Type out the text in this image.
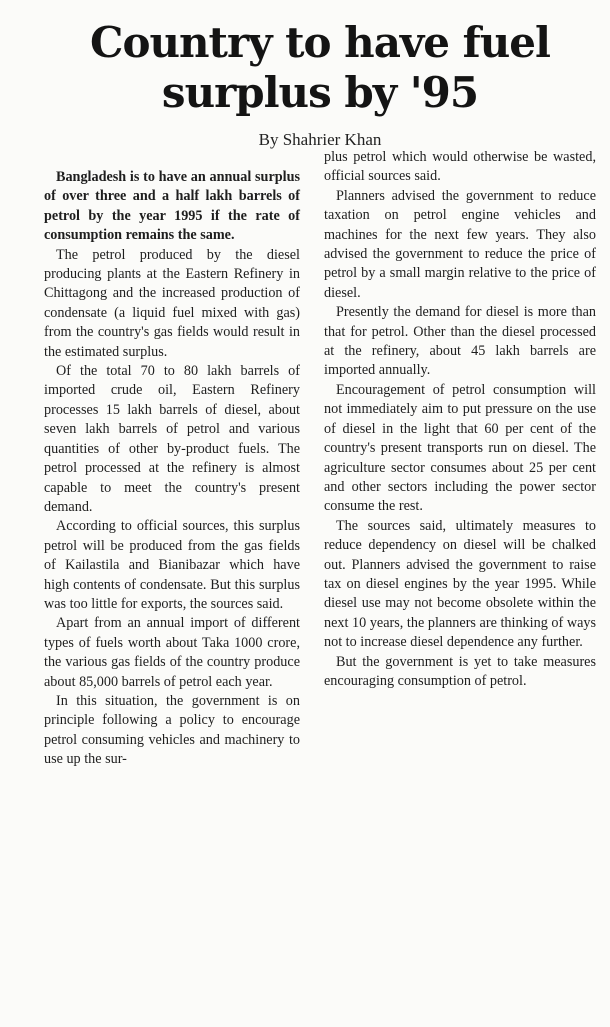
Country to have fuel
surplus by '95
By Shahrier Khan

Bangladesh is to have an annual surplus of over three and a half lakh barrels of petrol by the year 1995 if the rate of consumption remains the same.

The petrol produced by the diesel producing plants at the Eastern Refinery in Chittagong and the increased production of condensate (a liquid fuel mixed with gas) from the country's gas fields would result in the estimated surplus.

Of the total 70 to 80 lakh barrels of imported crude oil, Eastern Refinery processes 15 lakh barrels of diesel, about seven lakh barrels of petrol and various quantities of other by-product fuels. The petrol processed at the refinery is almost capable to meet the country's present demand.

According to official sources, this surplus petrol will be produced from the gas fields of Kailastila and Bianibazar which have high contents of condensate. But this surplus was too little for exports, the sources said.

Apart from an annual import of different types of fuels worth about Taka 1000 crore, the various gas fields of the country produce about 85,000 barrels of petrol each year.

In this situation, the government is on principle following a policy to encourage petrol consuming vehicles and machinery to use up the sur-

plus petrol which would otherwise be wasted, official sources said.

Planners advised the government to reduce taxation on petrol engine vehicles and machines for the next few years. They also advised the government to reduce the price of petrol by a small margin relative to the price of diesel.

Presently the demand for diesel is more than that for petrol. Other than the diesel processed at the refinery, about 45 lakh barrels are imported annually.

Encouragement of petrol consumption will not immediately aim to put pressure on the use of diesel in the light that 60 per cent of the country's present transports run on diesel. The agriculture sector consumes about 25 per cent and other sectors including the power sector consume the rest.

The sources said, ultimately measures to reduce dependency on diesel will be chalked out. Planners advised the government to raise tax on diesel engines by the year 1995. While diesel use may not become obsolete within the next 10 years, the planners are thinking of ways not to increase diesel dependence any further.

But the government is yet to take measures encouraging consumption of petrol.
